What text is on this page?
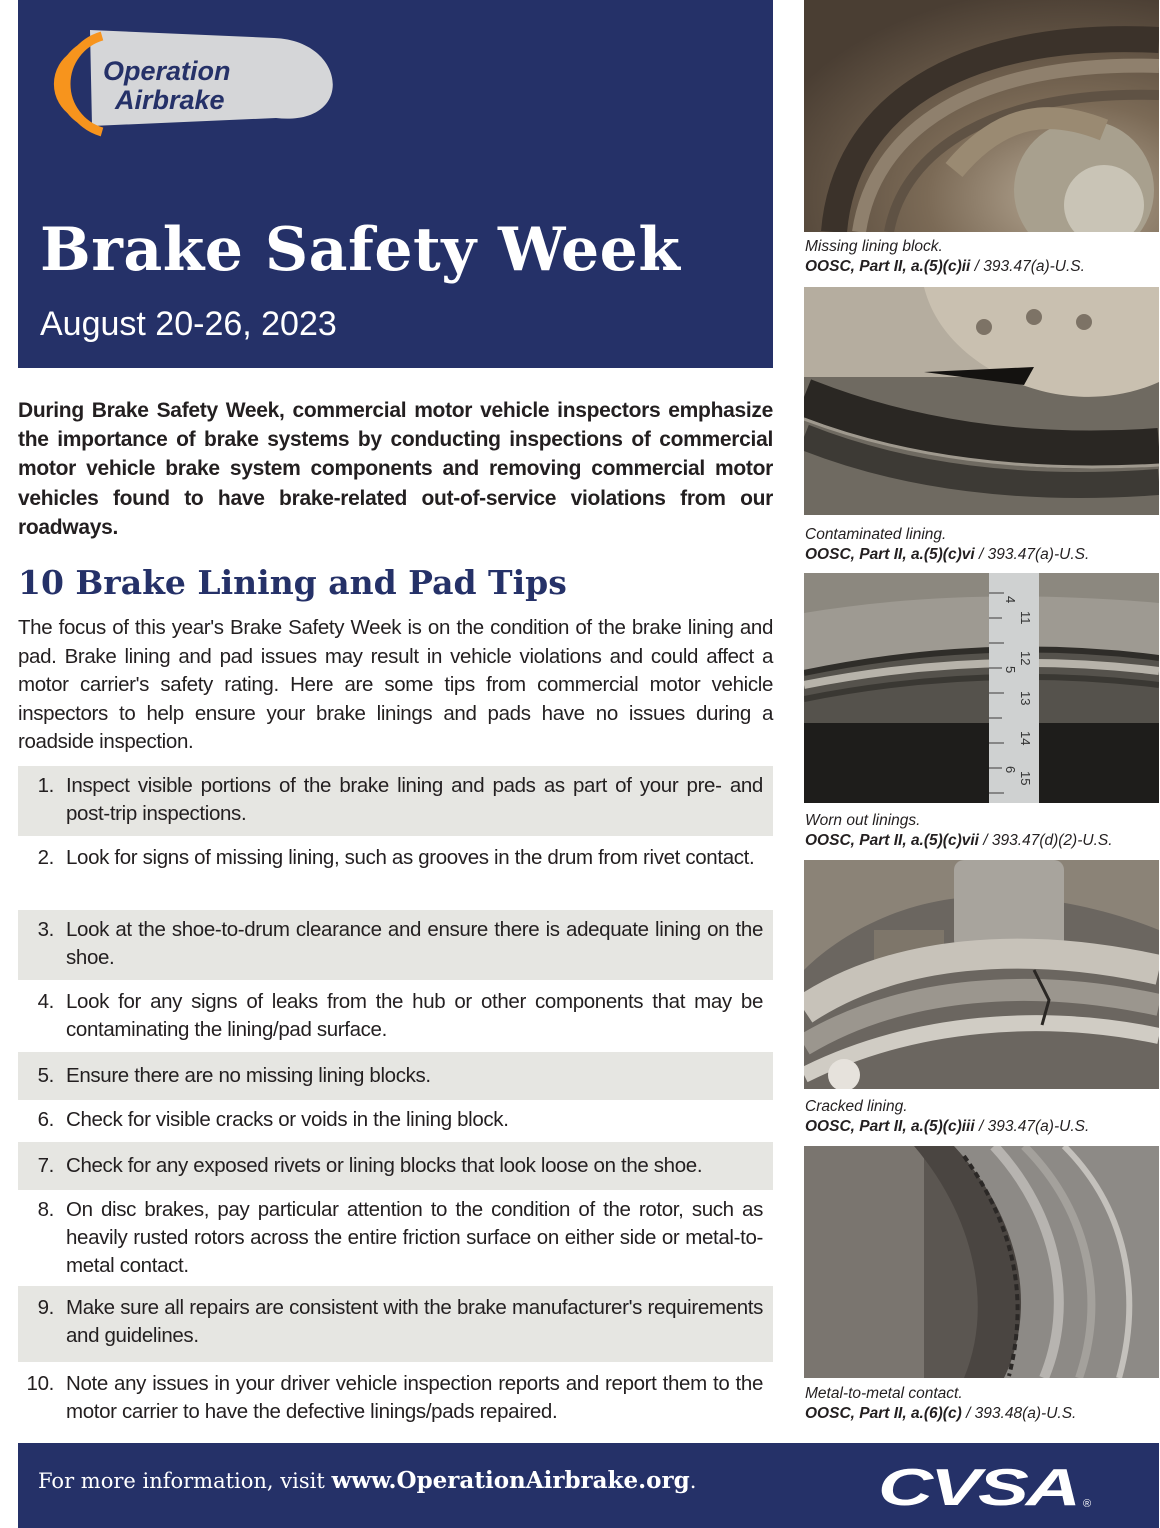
Operation
Airbrake
Brake Safety Week
August 20-26, 2023

During Brake Safety Week, commercial motor vehicle inspectors emphasize the importance of brake systems by conducting inspections of commercial motor vehicle brake system components and removing commercial motor vehicles found to have brake-related out-of-service violations from our roadways.

10 Brake Lining and Pad Tips

The focus of this year's Brake Safety Week is on the condition of the brake lining and pad. Brake lining and pad issues may result in vehicle violations and could affect a motor carrier's safety rating. Here are some tips from commercial motor vehicle inspectors to help ensure your brake linings and pads have no issues during a roadside inspection.

1. Inspect visible portions of the brake lining and pads as part of your pre- and post-trip inspections.
2. Look for signs of missing lining, such as grooves in the drum from rivet contact.
3. Look at the shoe-to-drum clearance and ensure there is adequate lining on the shoe.
4. Look for any signs of leaks from the hub or other components that may be contaminating the lining/pad surface.
5. Ensure there are no missing lining blocks.
6. Check for visible cracks or voids in the lining block.
7. Check for any exposed rivets or lining blocks that look loose on the shoe.
8. On disc brakes, pay particular attention to the condition of the rotor, such as heavily rusted rotors across the entire friction surface on either side or metal-to-metal contact.
9. Make sure all repairs are consistent with the brake manufacturer's requirements and guidelines.
10. Note any issues in your driver vehicle inspection reports and report them to the motor carrier to have the defective linings/pads repaired.
Missing lining block.
OOSC, Part II, a.(5)(c)ii / 393.47(a)-U.S.
Contaminated lining.
OOSC, Part II, a.(5)(c)vi / 393.47(a)-U.S.
4
11
12
5
13
14
6
15
Worn out linings.
OOSC, Part II, a.(5)(c)vii / 393.47(d)(2)-U.S.
Cracked lining.
OOSC, Part II, a.(5)(c)iii / 393.47(a)-U.S.
Metal-to-metal contact.
OOSC, Part II, a.(6)(c) / 393.48(a)-U.S.
For more information, visit www.OperationAirbrake.org.	CVSA ®
